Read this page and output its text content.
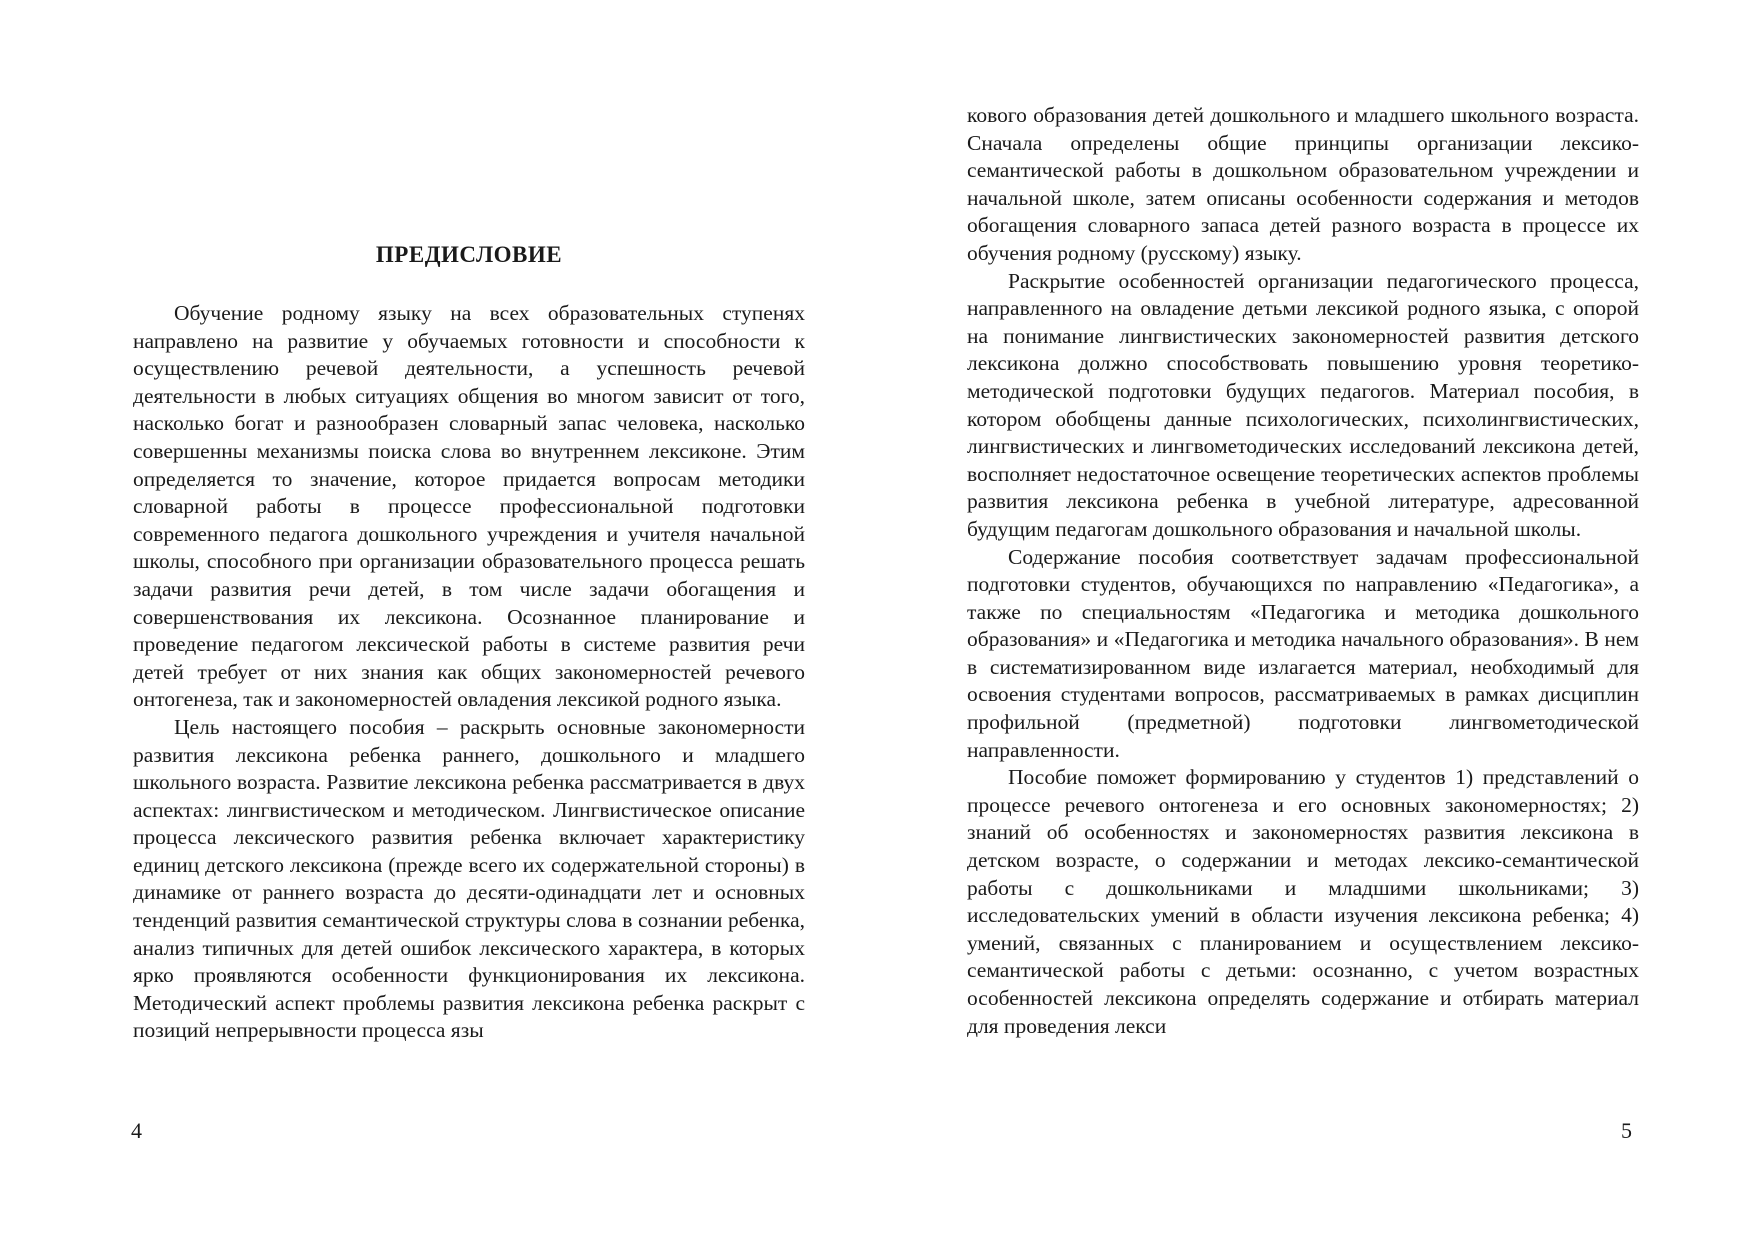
ПРЕДИСЛОВИЕ

Обучение родному языку на всех образовательных ступенях направлено на развитие у обучаемых готовности и способности к осуществлению речевой деятельности, а успешность речевой деятельности в любых ситуациях общения во многом зависит от того, насколько богат и разнообразен словарный запас человека, насколько совершенны механизмы поиска слова во внутреннем лексиконе. Этим определяется то значение, которое придается вопросам методики словарной работы в процессе профессиональной подготовки современного педагога дошкольного учреждения и учителя начальной школы, способного при организации образовательного процесса решать задачи развития речи детей, в том числе задачи обогащения и совершенствования их лексикона. Осознанное планирование и проведение педагогом лексической работы в системе развития речи детей требует от них знания как общих закономерностей речевого онтогенеза, так и закономерностей овладения лексикой родного языка.

Цель настоящего пособия – раскрыть основные закономерности развития лексикона ребенка раннего, дошкольного и младшего школьного возраста. Развитие лексикона ребенка рассматривается в двух аспектах: лингвистическом и методическом. Лингвистическое описание процесса лексического развития ребенка включает характеристику единиц детского лексикона (прежде всего их содержательной стороны) в динамике от раннего возраста до десяти-одинадцати лет и основных тенденций развития семантической структуры слова в сознании ребенка, анализ типичных для детей ошибок лексического характера, в которых ярко проявляются особенности функционирования их лексикона. Методический аспект проблемы развития лексикона ребенка раскрыт с позиций непрерывности процесса язы

4

кового образования детей дошкольного и младшего школьного возраста. Сначала определены общие принципы организации лексико-семантической работы в дошкольном образовательном учреждении и начальной школе, затем описаны особенности содержания и методов обогащения словарного запаса детей разного возраста в процессе их обучения родному (русскому) языку.

Раскрытие особенностей организации педагогического процесса, направленного на овладение детьми лексикой родного языка, с опорой на понимание лингвистических закономерностей развития детского лексикона должно способствовать повышению уровня теоретико-методической подготовки будущих педагогов. Материал пособия, в котором обобщены данные психологических, психолингвистических, лингвистических и лингвометодических исследований лексикона детей, восполняет недостаточное освещение теоретических аспектов проблемы развития лексикона ребенка в учебной литературе, адресованной будущим педагогам дошкольного образования и начальной школы.

Содержание пособия соответствует задачам профессиональной подготовки студентов, обучающихся по направлению «Педагогика», а также по специальностям «Педагогика и методика дошкольного образования» и «Педагогика и методика начального образования». В нем в систематизированном виде излагается материал, необходимый для освоения студентами вопросов, рассматриваемых в рамках дисциплин профильной (предметной) подготовки лингвометодической направленности.

Пособие поможет формированию у студентов 1) представлений о процессе речевого онтогенеза и его основных закономерностях; 2) знаний об особенностях и закономерностях развития лексикона в детском возрасте, о содержании и методах лексико-семантической работы с дошкольниками и младшими школьниками; 3) исследовательских умений в области изучения лексикона ребенка; 4) умений, связанных с планированием и осуществлением лексико-семантической работы с детьми: осознанно, с учетом возрастных особенностей лексикона определять содержание и отбирать материал для проведения лекси

5
